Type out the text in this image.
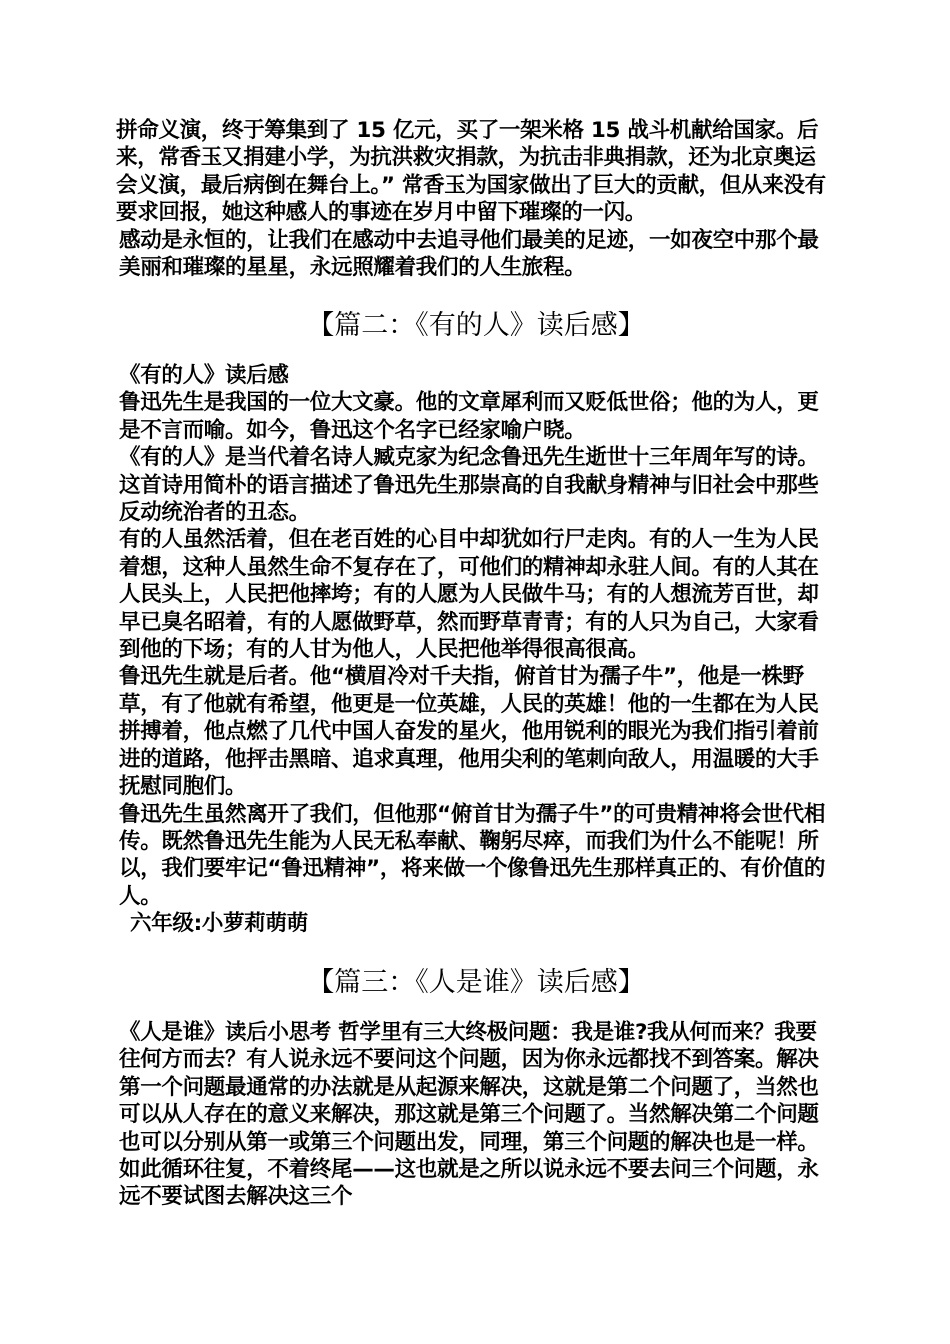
拼命义演，终于筹集到了 15 亿元，买了一架米格 15 战斗机献给国家。后来，常香玉又捐建小学，为抗洪救灾捐款，为抗击非典捐款，还为北京奥运会义演，最后病倒在舞台上。” 常香玉为国家做出了巨大的贡献，但从来没有要求回报，她这种感人的事迹在岁月中留下璀璨的一闪。

感动是永恒的，让我们在感动中去追寻他们最美的足迹，一如夜空中那个最美丽和璀璨的星星，永远照耀着我们的人生旅程。

【篇二：《有的人》读后感】

《有的人》读后感

鲁迅先生是我国的一位大文豪。他的文章犀利而又贬低世俗；他的为人，更是不言而喻。如今，鲁迅这个名字已经家喻户晓。

《有的人》是当代着名诗人臧克家为纪念鲁迅先生逝世十三年周年写的诗。这首诗用简朴的语言描述了鲁迅先生那崇高的自我献身精神与旧社会中那些反动统治者的丑态。

有的人虽然活着，但在老百姓的心目中却犹如行尸走肉。有的人一生为人民着想，这种人虽然生命不复存在了，可他们的精神却永驻人间。有的人其在人民头上，人民把他摔垮；有的人愿为人民做牛马；有的人想流芳百世，却早已臭名昭着，有的人愿做野草，然而野草青青；有的人只为自己，大家看到他的下场；有的人甘为他人，人民把他举得很高很高。

鲁迅先生就是后者。他“横眉冷对千夫指，俯首甘为孺子牛”，他是一株野草，有了他就有希望，他更是一位英雄，人民的英雄！他的一生都在为人民拼搏着，他点燃了几代中国人奋发的星火，他用锐利的眼光为我们指引着前进的道路，他抨击黑暗、追求真理，他用尖利的笔刺向敌人，用温暖的大手抚慰同胞们。

鲁迅先生虽然离开了我们，但他那“俯首甘为孺子牛”的可贵精神将会世代相传。既然鲁迅先生能为人民无私奉献、鞠躬尽瘁，而我们为什么不能呢！所以，我们要牢记“鲁迅精神”，将来做一个像鲁迅先生那样真正的、有价值的人。

六年级:小萝莉萌萌

【篇三：《人是谁》读后感】

《人是谁》读后小思考 哲学里有三大终极问题：我是谁?我从何而来？我要往何方而去？有人说永远不要问这个问题，因为你永远都找不到答案。解决第一个问题最通常的办法就是从起源来解决，这就是第二个问题了，当然也可以从人存在的意义来解决，那这就是第三个问题了。当然解决第二个问题也可以分别从第一或第三个问题出发，同理，第三个问题的解决也是一样。如此循环往复，不着终尾——这也就是之所以说永远不要去问三个问题，永远不要试图去解决这三个
